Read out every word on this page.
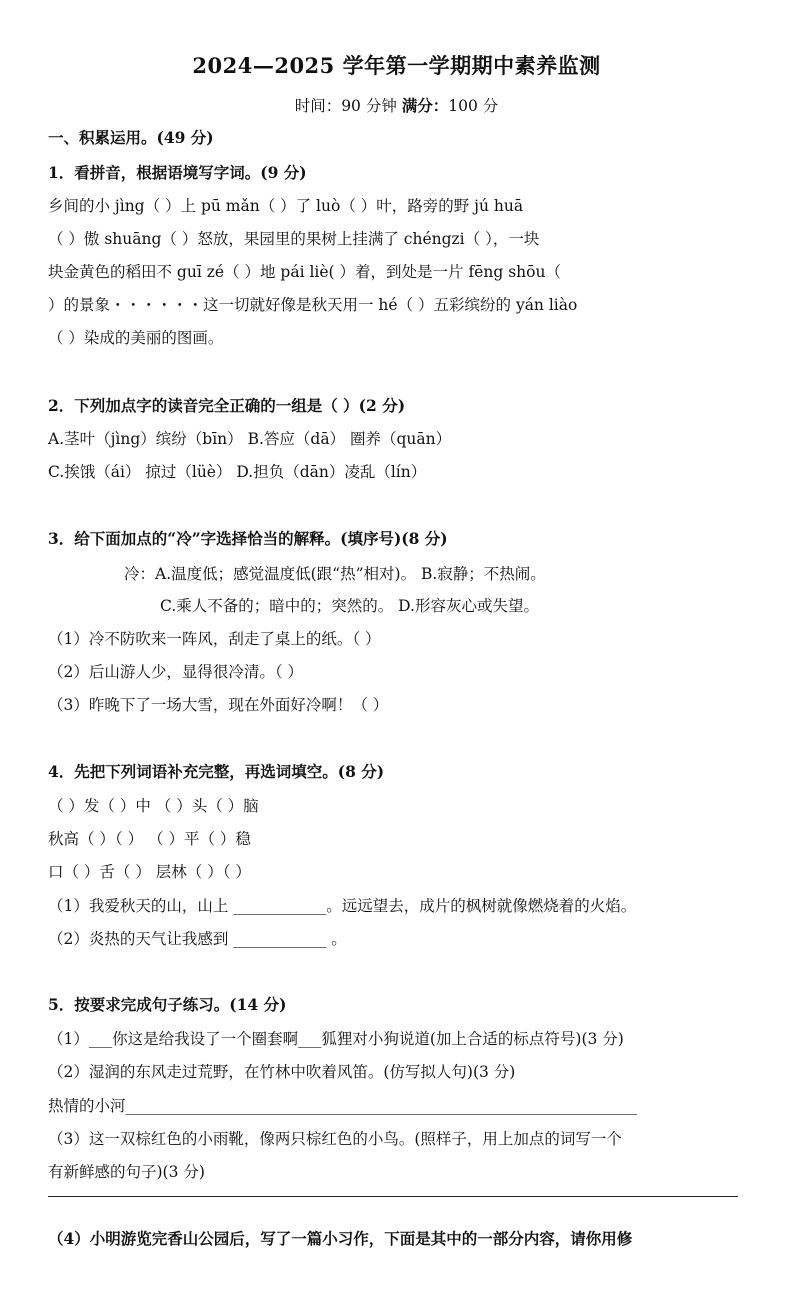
2024—2025 学年第一学期期中素养监测
时间：90 分钟 满分：100 分
一、积累运用。(49 分)
1．看拼音，根据语境写字词。(9 分)
乡间的小 jìng（ ）上 pū mǎn（ ）了 luò（ ）叶，路旁的野 jú huā
（ ）傲 shuāng（ ）怒放，果园里的果树上挂满了 chéngzi（ ），一块
块金黄色的稻田不 guī zé（ ）地 pái liè( ）着，到处是一片 fēng shōu（
）的景象・・・・・・这一切就好像是秋天用一 hé（ ）五彩缤纷的 yán liào
（ ）染成的美丽的图画。
2．下列加点字的读音完全正确的一组是（ ）(2 分)
A.茎叶（jìng）缤纷（bīn） B.答应（dā） 圈养（quān）
C.挨饿（ái） 掠过（lüè） D.担负（dān）凌乱（lín）
3．给下面加点的“冷”字选择恰当的解释。(填序号)(8 分)
冷：A.温度低；感觉温度低(跟“热”相对)。 B.寂静；不热闹。
C.乘人不备的；暗中的；突然的。 D.形容灰心或失望。
（1）冷不防吹来一阵风，刮走了桌上的纸。（ ）
（2）后山游人少，显得很冷清。（ ）
（3）昨晚下了一场大雪，现在外面好冷啊！（ ）
4．先把下列词语补充完整，再选词填空。(8 分)
（ ）发（ ）中 （ ）头（ ）脑
秋高（ ）（ ） （ ）平（ ）稳
口（ ）舌（ ） 层林（ ）（ ）
（1）我爱秋天的山，山上 ____________。远远望去，成片的枫树就像燃烧着的火焰。
（2）炎热的天气让我感到 ____________ 。
5．按要求完成句子练习。(14 分)
（1）___你这是给我设了一个圈套啊___狐狸对小狗说道(加上合适的标点符号)(3 分)
（2）湿润的东风走过荒野，在竹林中吹着风笛。(仿写拟人句)(3 分)
热情的小河__________________________________________________________________
（3）这一双棕红色的小雨靴，像两只棕红色的小鸟。(照样子，用上加点的词写一个
有新鲜感的句子)(3 分)
（4）小明游览完香山公园后，写了一篇小习作，下面是其中的一部分内容，请你用修
